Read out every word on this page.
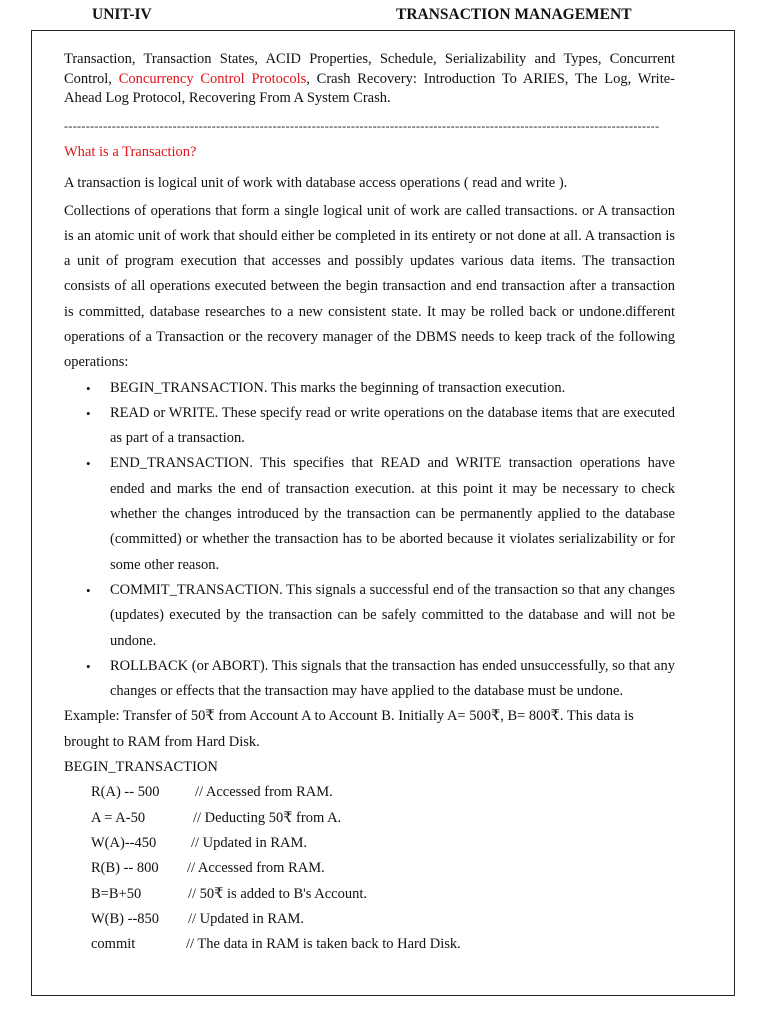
UNIT-IV	TRANSACTION MANAGEMENT

Transaction, Transaction States, ACID Properties, Schedule, Serializability and Types, Concurrent Control, Concurrency Control Protocols, Crash Recovery: Introduction To ARIES, The Log, Write-Ahead Log Protocol, Recovering From A System Crash.

-----------------------------------------------------------------------------------------------------------------------------------------
What is a Transaction?
A transaction is logical unit of work with database access operations ( read and write ).
Collections of operations that form a single logical unit of work are called transactions. or A transaction is an atomic unit of work that should either be completed in its entirety or not done at all. A transaction is a unit of program execution that accesses and possibly updates various data items. The transaction consists of all operations executed between the begin transaction and end transaction after a transaction is committed, database researches to a new consistent state. It may be rolled back or undone.different operations of a Transaction or the recovery manager of the DBMS needs to keep track of the following operations:
• BEGIN_TRANSACTION. This marks the beginning of transaction execution.
• READ or WRITE. These specify read or write operations on the database items that are executed as part of a transaction.
• END_TRANSACTION. This specifies that READ and WRITE transaction operations have ended and marks the end of transaction execution. at this point it may be necessary to check whether the changes introduced by the transaction can be permanently applied to the database (committed) or whether the transaction has to be aborted because it violates serializability or for some other reason.
• COMMIT_TRANSACTION. This signals a successful end of the transaction so that any changes (updates) executed by the transaction can be safely committed to the database and will not be undone.
• ROLLBACK (or ABORT). This signals that the transaction has ended unsuccessfully, so that any changes or effects that the transaction may have applied to the database must be undone.
Example: Transfer of 50₹ from Account A to Account B. Initially A= 500₹, B= 800₹. This data is brought to RAM from Hard Disk.
BEGIN_TRANSACTION
R(A) -- 500 // Accessed from RAM.
A = A-50	// Deducting 50₹ from A.
W(A)--450 // Updated in RAM.
R(B) -- 800 // Accessed from RAM.
B=B+50	// 50₹ is added to B's Account.
W(B) --850 // Updated in RAM.
commit	// The data in RAM is taken back to Hard Disk.
